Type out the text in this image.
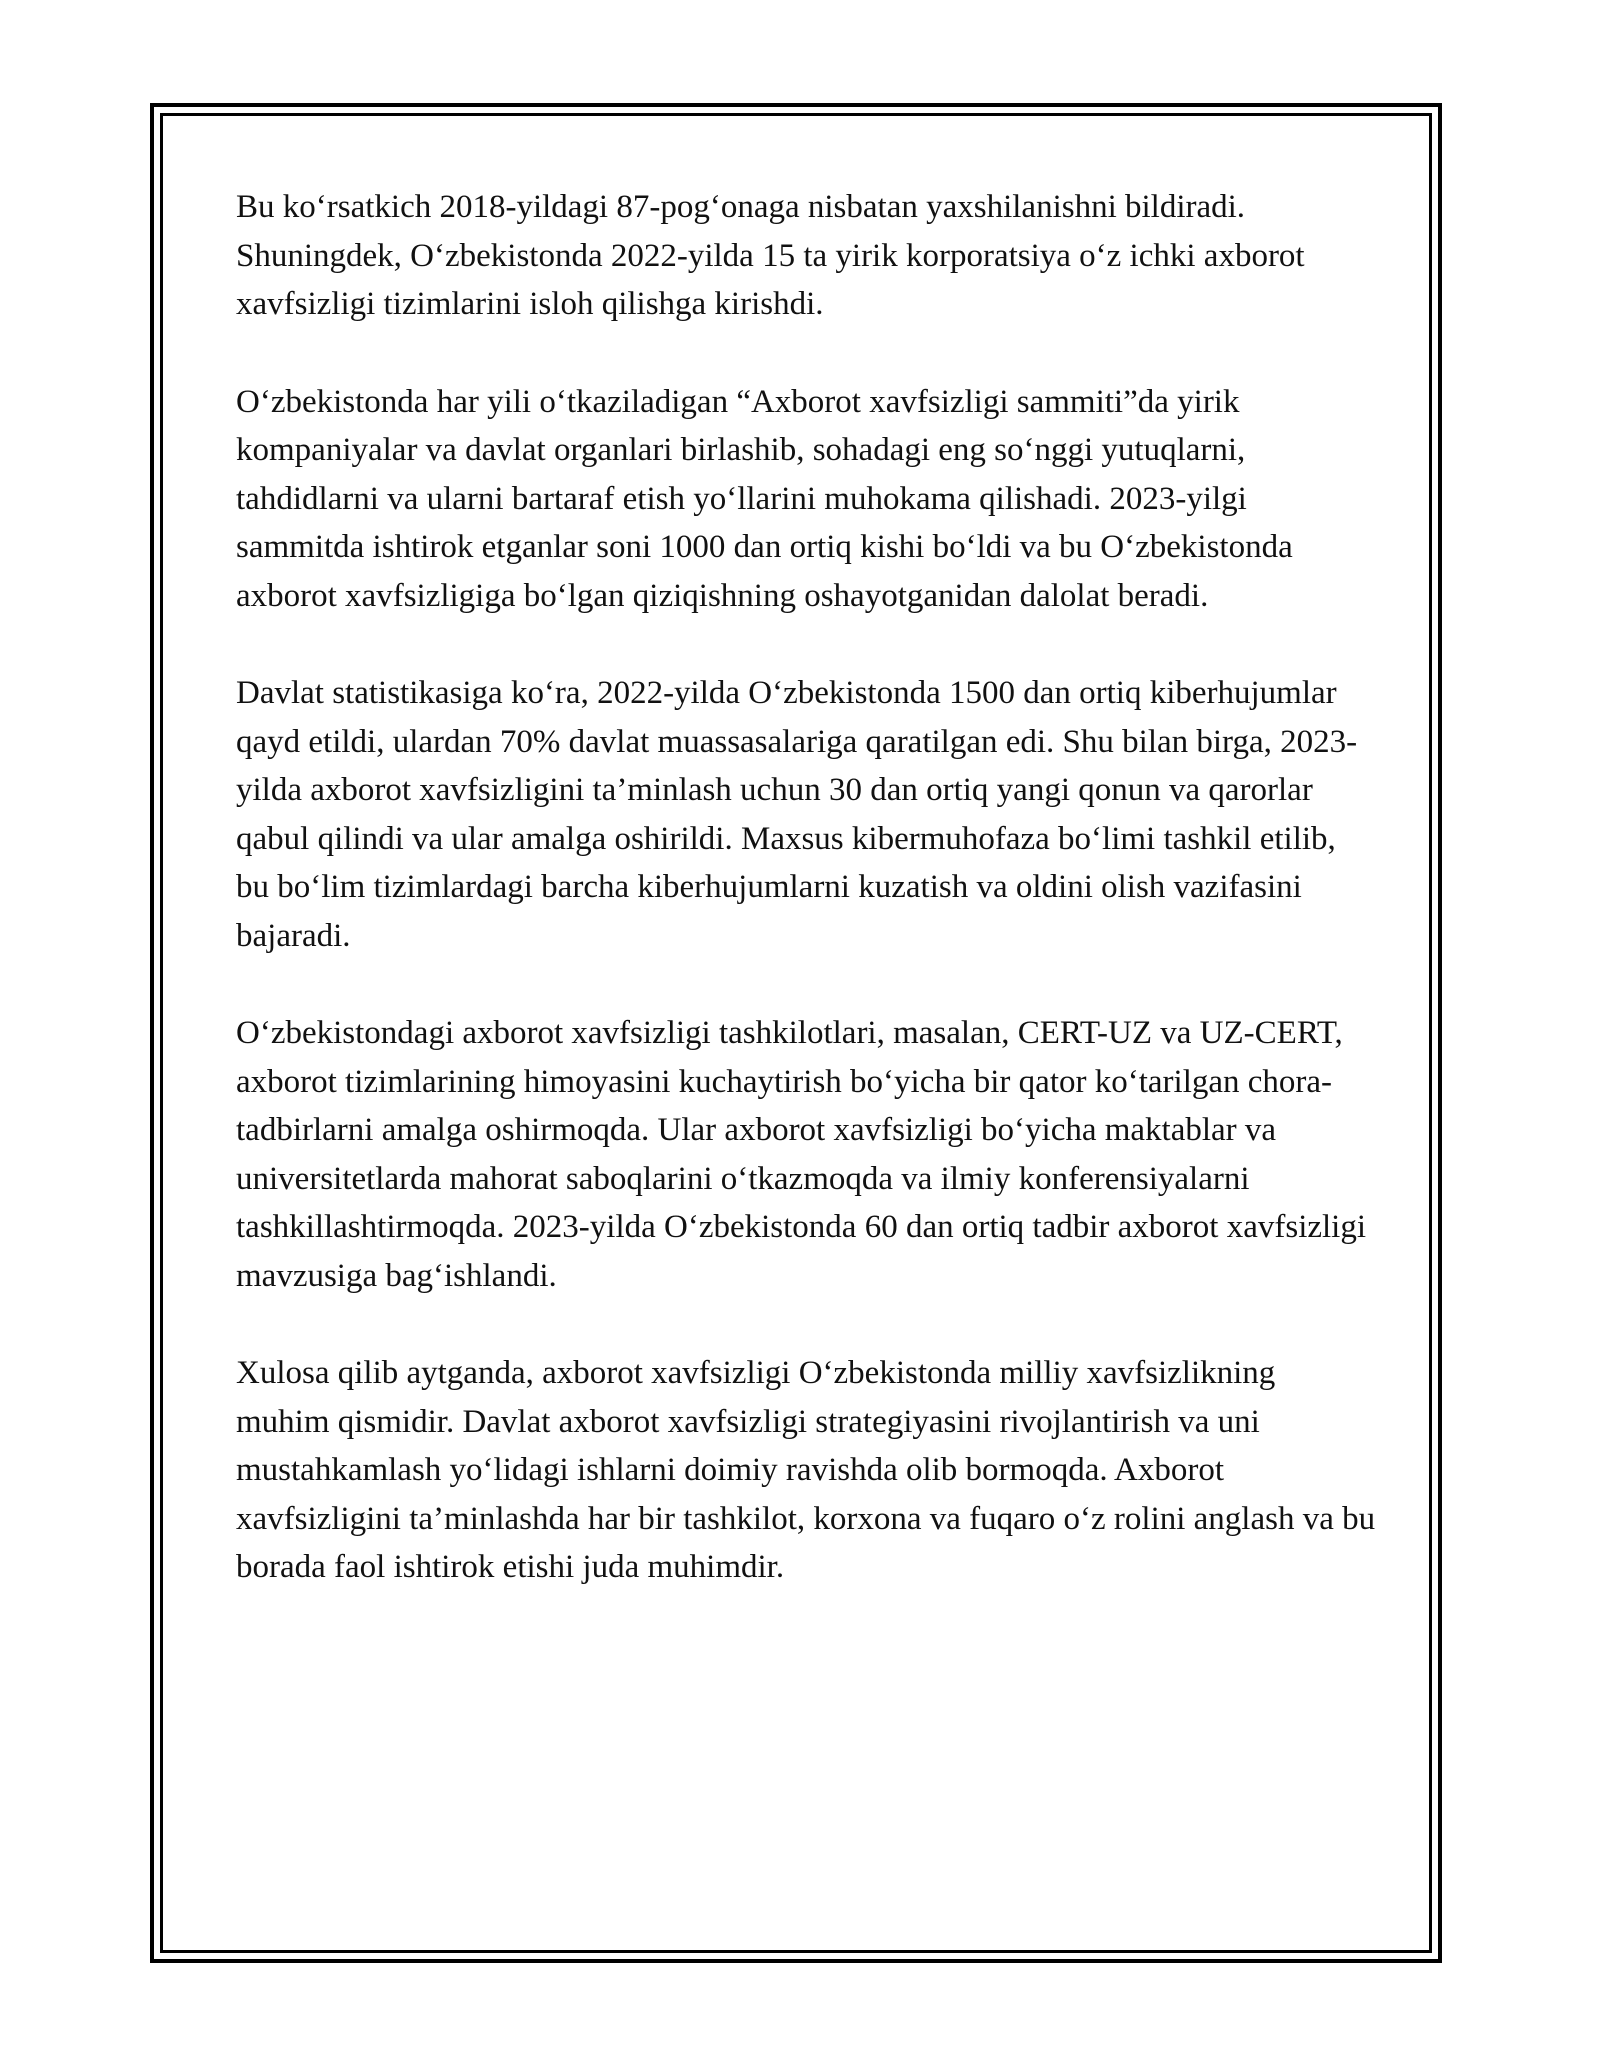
Bu ko‘rsatkich 2018-yildagi 87-pog‘onaga nisbatan yaxshilanishni bildiradi. Shuningdek, O‘zbekistonda 2022-yilda 15 ta yirik korporatsiya o‘z ichki axborot xavfsizligi tizimlarini isloh qilishga kirishdi.

O‘zbekistonda har yili o‘tkaziladigan “Axborot xavfsizligi sammiti”da yirik kompaniyalar va davlat organlari birlashib, sohadagi eng so‘nggi yutuqlarni, tahdidlarni va ularni bartaraf etish yo‘llarini muhokama qilishadi. 2023-yilgi sammitda ishtirok etganlar soni 1000 dan ortiq kishi bo‘ldi va bu O‘zbekistonda axborot xavfsizligiga bo‘lgan qiziqishning oshayotganidan dalolat beradi.

Davlat statistikasiga ko‘ra, 2022-yilda O‘zbekistonda 1500 dan ortiq kiberhujumlar qayd etildi, ulardan 70% davlat muassasalariga qaratilgan edi. Shu bilan birga, 2023-yilda axborot xavfsizligini ta’minlash uchun 30 dan ortiq yangi qonun va qarorlar qabul qilindi va ular amalga oshirildi. Maxsus kibermuhofaza bo‘limi tashkil etilib, bu bo‘lim tizimlardagi barcha kiberhujumlarni kuzatish va oldini olish vazifasini bajaradi.

O‘zbekistondagi axborot xavfsizligi tashkilotlari, masalan, CERT-UZ va UZ-CERT, axborot tizimlarining himoyasini kuchaytirish bo‘yicha bir qator ko‘tarilgan chora-tadbirlarni amalga oshirmoqda. Ular axborot xavfsizligi bo‘yicha maktablar va universitetlarda mahorat saboqlarini o‘tkazmoqda va ilmiy konferensiyalarni tashkillashtirmoqda. 2023-yilda O‘zbekistonda 60 dan ortiq tadbir axborot xavfsizligi mavzusiga bag‘ishlandi.

Xulosa qilib aytganda, axborot xavfsizligi O‘zbekistonda milliy xavfsizlikning muhim qismidir. Davlat axborot xavfsizligi strategiyasini rivojlantirish va uni mustahkamlash yo‘lidagi ishlarni doimiy ravishda olib bormoqda. Axborot xavfsizligini ta’minlashda har bir tashkilot, korxona va fuqaro o‘z rolini anglash va bu borada faol ishtirok etishi juda muhimdir.
